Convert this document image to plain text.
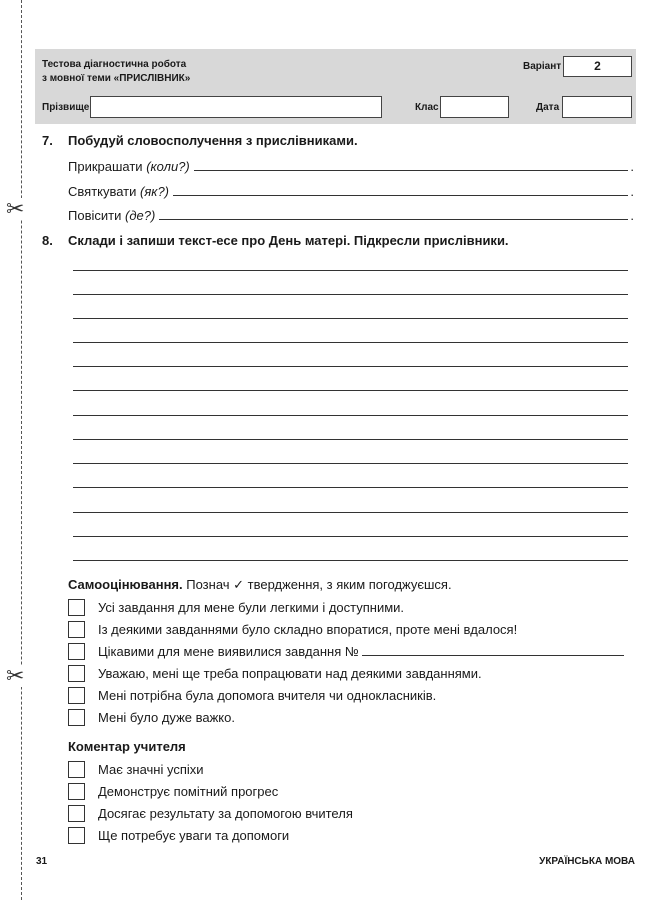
✂
✂
Тестова діагностична робота
з мовної теми «ПРИСЛІВНИК»
Варіант	2
Прізвище	Клас	Дата
7. Побудуй словосполучення з прислівниками.
Прикрашати
(коли?)	.
Святкувати
(як?)	.
Повісити
(де?)	.
8. Склади і запиши текст-есе про День матері. Підкресли прислівники.
Самооцінювання. Познач ✓ твердження, з яким погоджуєшся.
Усі завдання для мене були легкими і доступними.
Із деякими завданнями було складно впоратися, проте мені вдалося!
Цікавими для мене виявилися завдання №
Уважаю, мені ще треба попрацювати над деякими завданнями.
Мені потрібна була допомога вчителя чи однокласників.
Мені було дуже важко.
Коментар учителя
Має значні успіхи
Демонструє помітний прогрес
Досягає результату за допомогою вчителя
Ще потребує уваги та допомоги
31	УКРАЇНСЬКА МОВА
